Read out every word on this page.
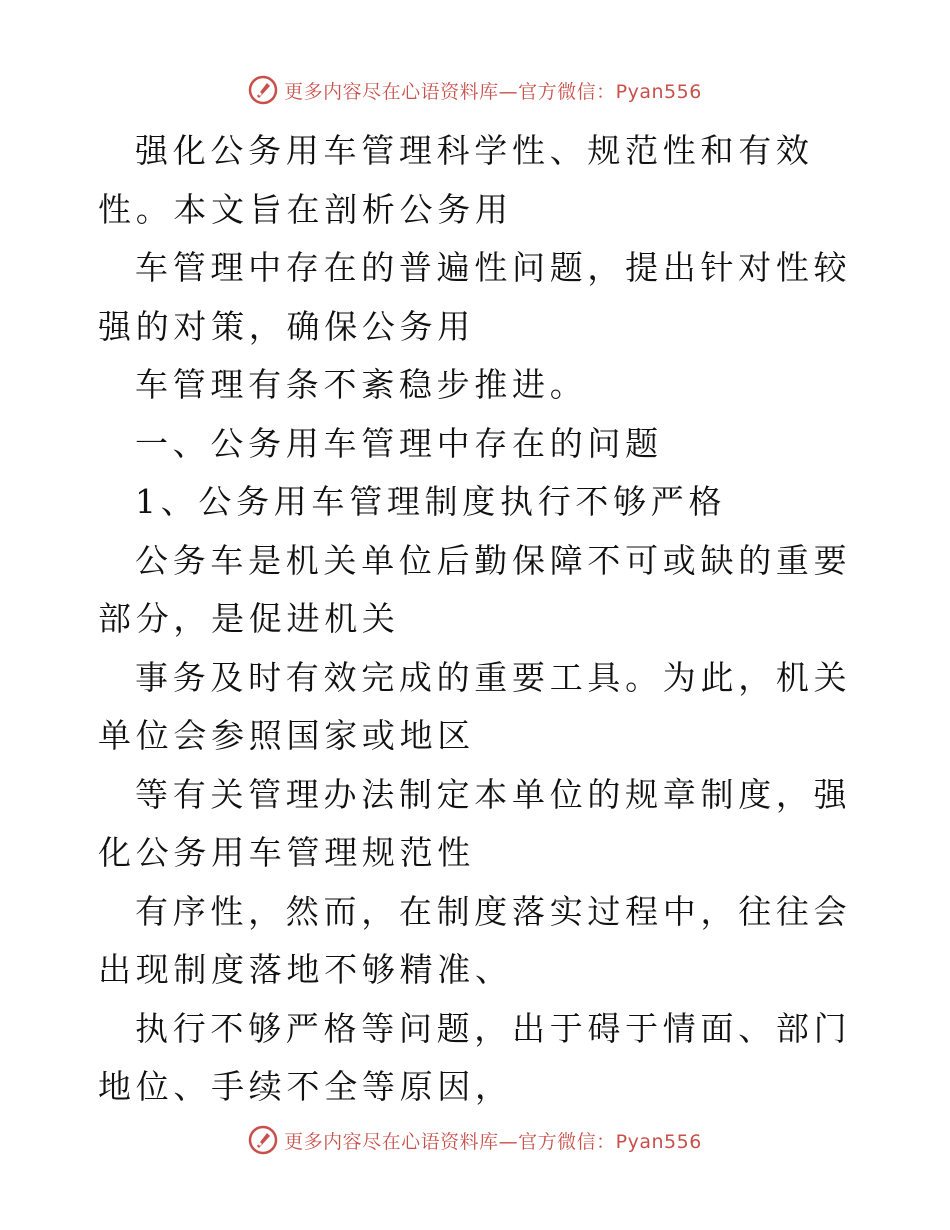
更多内容尽在心语资料库—官方微信：Pyan556

强化公务用车管理科学性、规范性和有效性。本文旨在剖析公务用

车管理中存在的普遍性问题，提出针对性较强的对策，确保公务用

车管理有条不紊稳步推进。

一、公务用车管理中存在的问题

1、公务用车管理制度执行不够严格

公务车是机关单位后勤保障不可或缺的重要部分，是促进机关

事务及时有效完成的重要工具。为此，机关单位会参照国家或地区

等有关管理办法制定本单位的规章制度，强化公务用车管理规范性

有序性，然而，在制度落实过程中，往往会出现制度落地不够精准、

执行不够严格等问题，出于碍于情面、部门地位、手续不全等原因，

更多内容尽在心语资料库—官方微信：Pyan556
